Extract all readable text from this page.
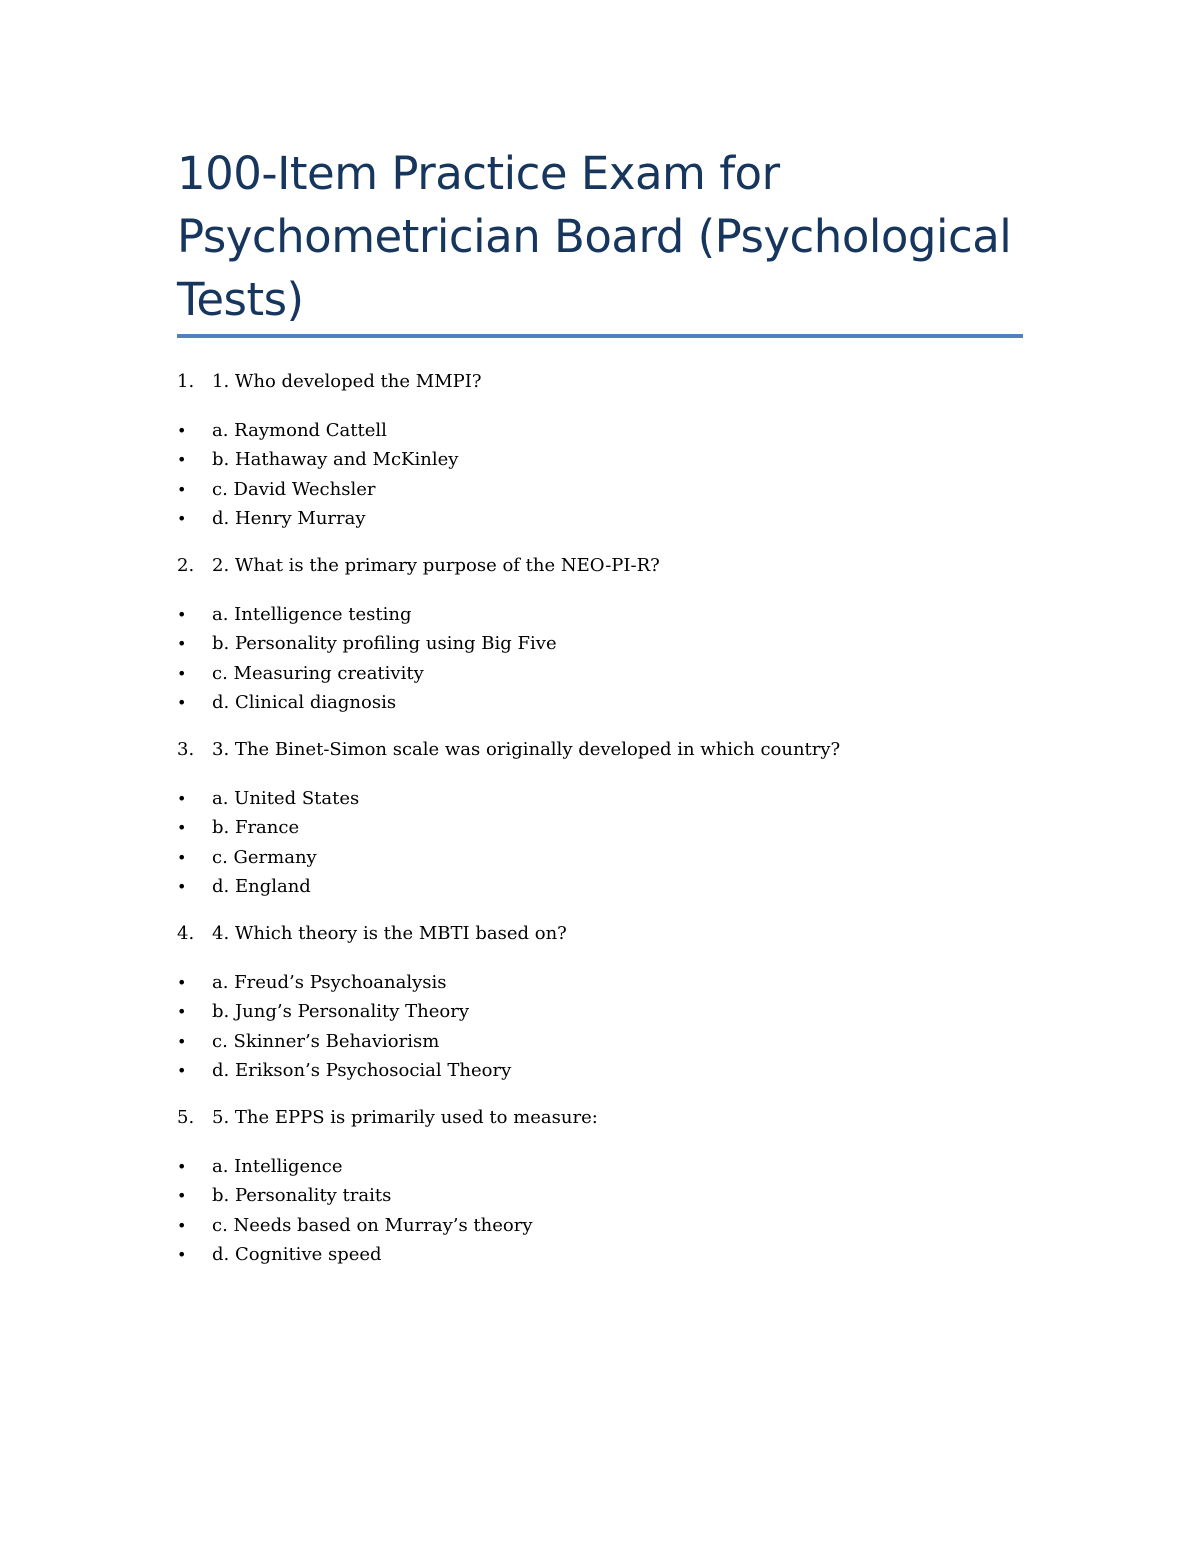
100-Item Practice Exam for Psychometrician Board (Psychological Tests)
1. 1. Who developed the MMPI?
• a. Raymond Cattell
• b. Hathaway and McKinley
• c. David Wechsler
• d. Henry Murray
2. 2. What is the primary purpose of the NEO-PI-R?
• a. Intelligence testing
• b. Personality profiling using Big Five
• c. Measuring creativity
• d. Clinical diagnosis
3. 3. The Binet-Simon scale was originally developed in which country?
• a. United States
• b. France
• c. Germany
• d. England
4. 4. Which theory is the MBTI based on?
• a. Freud’s Psychoanalysis
• b. Jung’s Personality Theory
• c. Skinner’s Behaviorism
• d. Erikson’s Psychosocial Theory
5. 5. The EPPS is primarily used to measure:
• a. Intelligence
• b. Personality traits
• c. Needs based on Murray’s theory
• d. Cognitive speed
